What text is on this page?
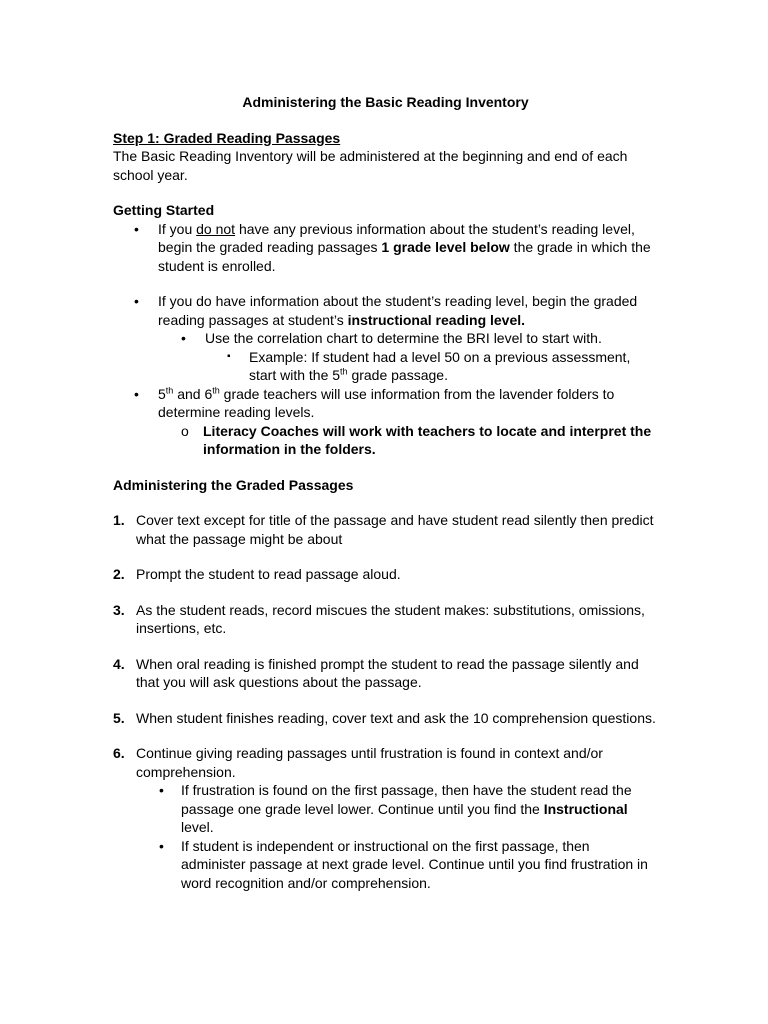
Administering the Basic Reading Inventory

Step 1: Graded Reading Passages

The Basic Reading Inventory will be administered at the beginning and end of each school year.

Getting Started

• If you do not have any previous information about the student’s reading level, begin the graded reading passages 1 grade level below the grade in which the student is enrolled.
• If you do have information about the student’s reading level, begin the graded reading passages at student’s instructional reading level.
• Use the correlation chart to determine the BRI level to start with.
▪ Example: If student had a level 50 on a previous assessment, start with the 5th grade passage.
• 5th and 6th grade teachers will use information from the lavender folders to determine reading levels.
o Literacy Coaches will work with teachers to locate and interpret the information in the folders.

Administering the Graded Passages

1. Cover text except for title of the passage and have student read silently then predict what the passage might be about
2. Prompt the student to read passage aloud.
3. As the student reads, record miscues the student makes: substitutions, omissions, insertions, etc.
4. When oral reading is finished prompt the student to read the passage silently and that you will ask questions about the passage.
5. When student finishes reading, cover text and ask the 10 comprehension questions.
6. Continue giving reading passages until frustration is found in context and/or comprehension.
• If frustration is found on the first passage, then have the student read the passage one grade level lower. Continue until you find the Instructional level.
• If student is independent or instructional on the first passage, then administer passage at next grade level. Continue until you find frustration in word recognition and/or comprehension.
